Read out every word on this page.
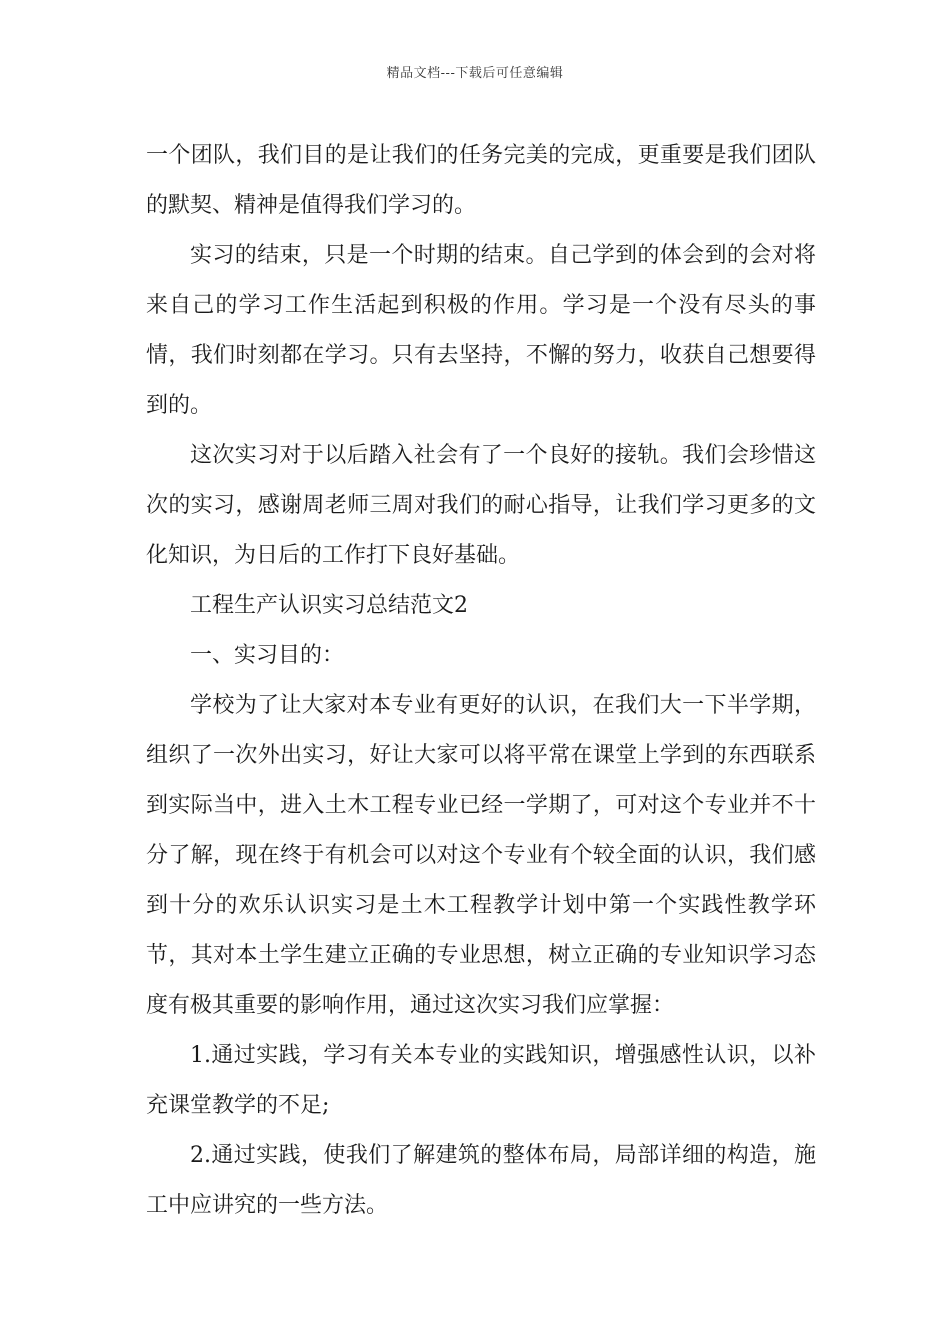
精品文档---下载后可任意编辑

一个团队，我们目的是让我们的任务完美的完成，更重要是我们团队的默契、精神是值得我们学习的。

实习的结束，只是一个时期的结束。自己学到的体会到的会对将来自己的学习工作生活起到积极的作用。学习是一个没有尽头的事情，我们时刻都在学习。只有去坚持，不懈的努力，收获自己想要得到的。

这次实习对于以后踏入社会有了一个良好的接轨。我们会珍惜这次的实习，感谢周老师三周对我们的耐心指导，让我们学习更多的文化知识，为日后的工作打下良好基础。

工程生产认识实习总结范文2

一、实习目的：

学校为了让大家对本专业有更好的认识，在我们大一下半学期，组织了一次外出实习，好让大家可以将平常在课堂上学到的东西联系到实际当中，进入土木工程专业已经一学期了，可对这个专业并不十分了解，现在终于有机会可以对这个专业有个较全面的认识，我们感到十分的欢乐认识实习是土木工程教学计划中第一个实践性教学环节，其对本土学生建立正确的专业思想，树立正确的专业知识学习态度有极其重要的影响作用，通过这次实习我们应掌握：

1.通过实践，学习有关本专业的实践知识，增强感性认识，以补充课堂教学的不足;

2.通过实践，使我们了解建筑的整体布局，局部详细的构造，施工中应讲究的一些方法。
